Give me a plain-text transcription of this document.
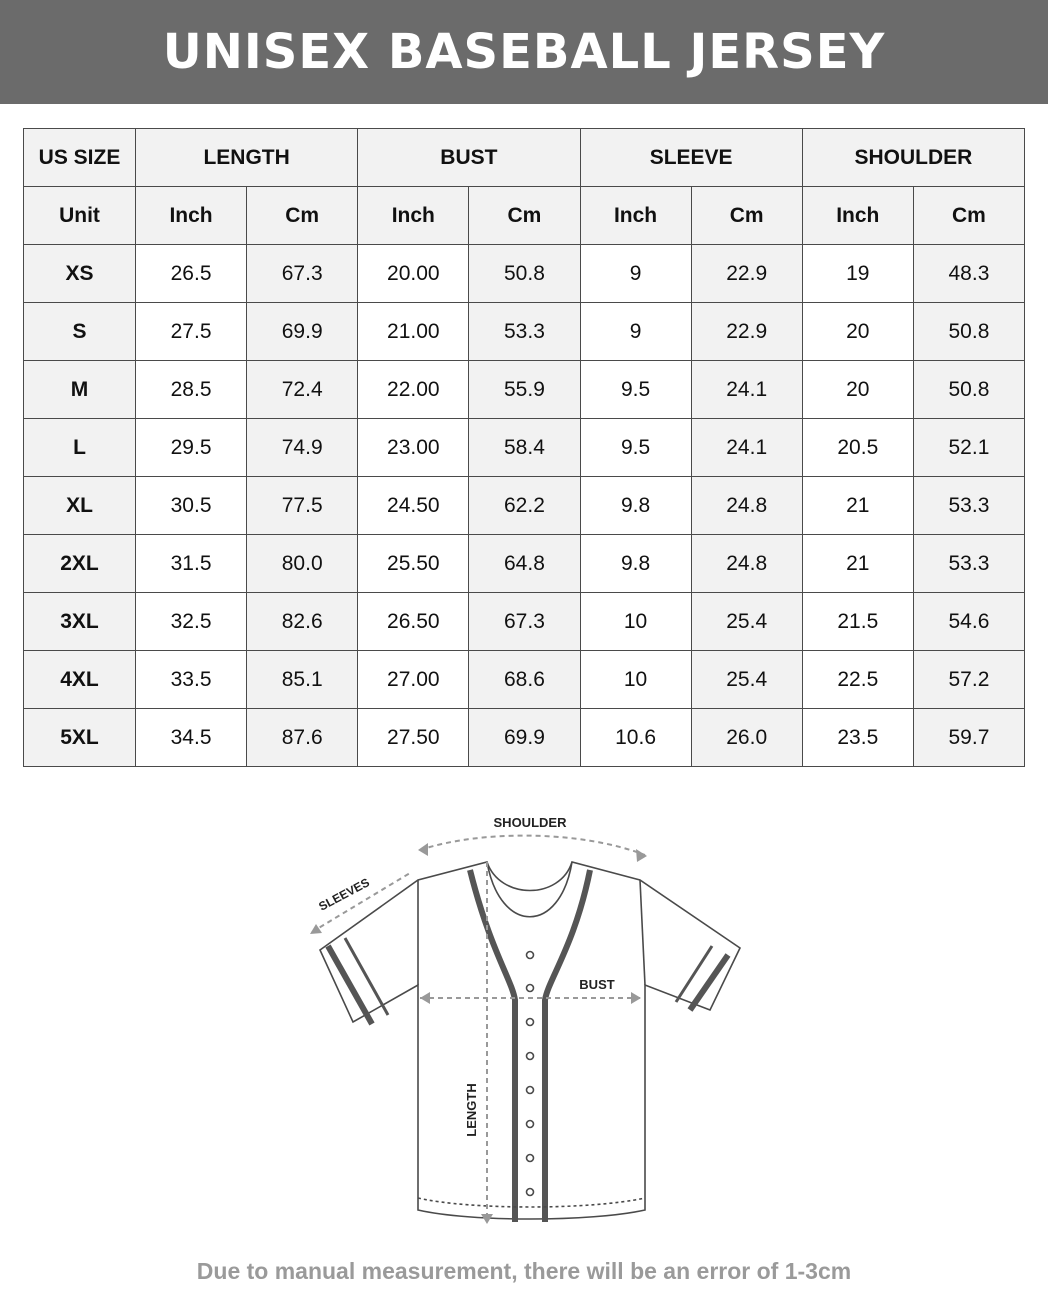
UNISEX BASEBALL JERSEY
US SIZE	LENGTH		BUST		SLEEVE		SHOULDER	
Unit	Inch	Cm	Inch	Cm	Inch	Cm	Inch	Cm
XS	26.5	67.3	20.00	50.8	9	22.9	19	48.3
S	27.5	69.9	21.00	53.3	9	22.9	20	50.8
M	28.5	72.4	22.00	55.9	9.5	24.1	20	50.8
L	29.5	74.9	23.00	58.4	9.5	24.1	20.5	52.1
XL	30.5	77.5	24.50	62.2	9.8	24.8	21	53.3
2XL	31.5	80.0	25.50	64.8	9.8	24.8	21	53.3
3XL	32.5	82.6	26.50	67.3	10	25.4	21.5	54.6
4XL	33.5	85.1	27.00	68.6	10	25.4	22.5	57.2
5XL	34.5	87.6	27.50	69.9	10.6	26.0	23.5	59.7
SHOULDER
SLEEVES
BUST
LENGTH
Due to manual measurement, there will be an error of 1-3cm
